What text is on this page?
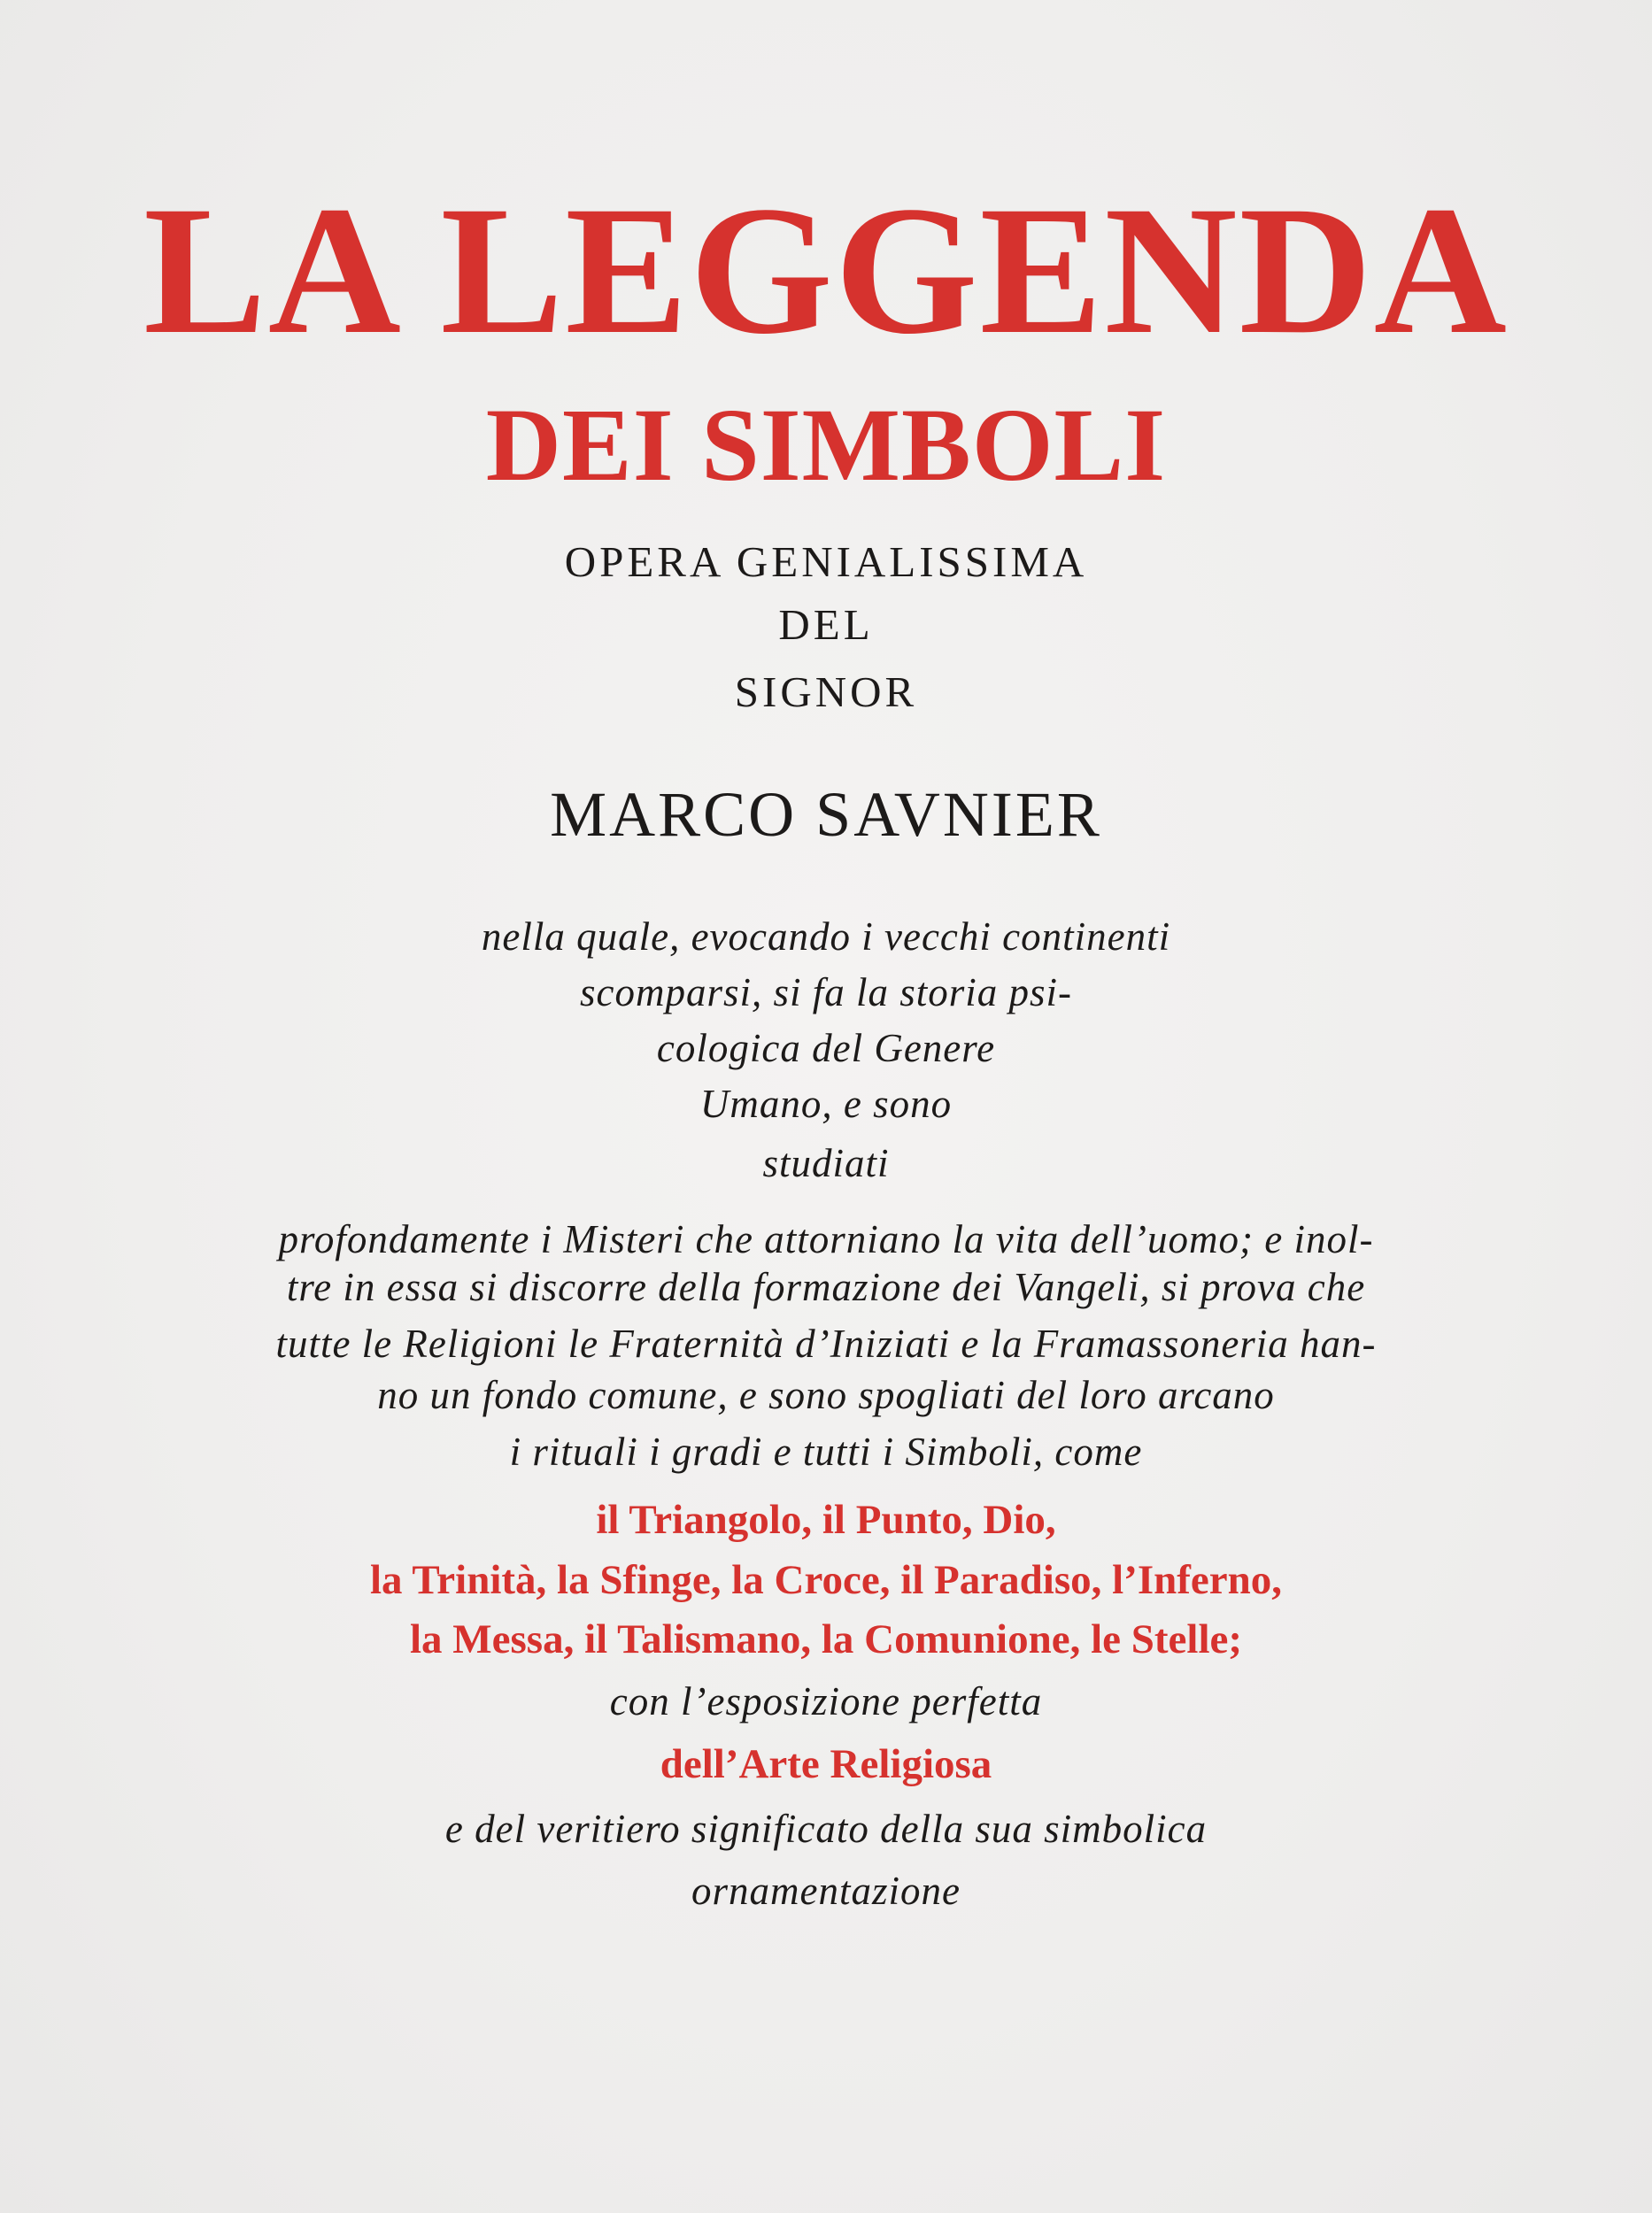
LA LEGGENDA
DEI SIMBOLI

OPERA GENIALISSIMA

DEL

SIGNOR

MARCO SAVNIER

nella quale, evocando i vecchi continenti

scomparsi, si fa la storia psi-

cologica del Genere

Umano, e sono

studiati

profondamente i Misteri che attorniano la vita dell’uomo; e inol-

tre in essa si discorre della formazione dei Vangeli, si prova che

tutte le Religioni le Fraternità d’Iniziati e la Framassoneria han-

no un fondo comune, e sono spogliati del loro arcano

i rituali i gradi e tutti i Simboli, come

il Triangolo, il Punto, Dio,

la Trinità, la Sfinge, la Croce, il Paradiso, l’Inferno,

la Messa, il Talismano, la Comunione, le Stelle;

con l’esposizione perfetta

dell’Arte Religiosa

e del veritiero significato della sua simbolica

ornamentazione
